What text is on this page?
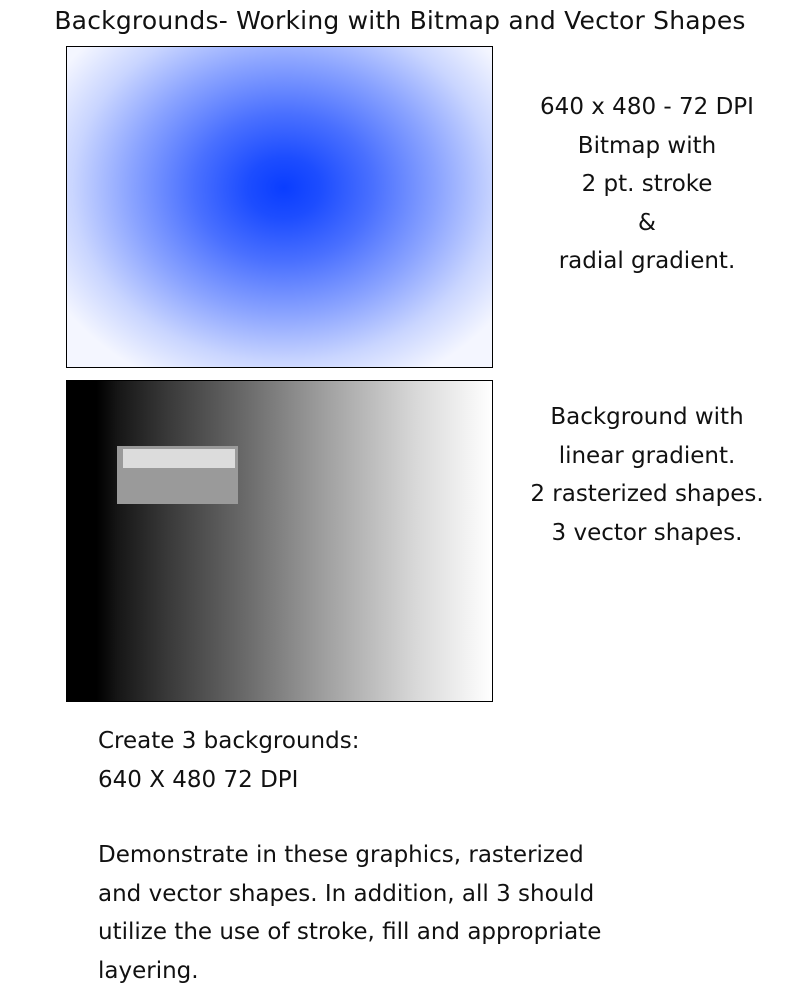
Backgrounds- Working with Bitmap and Vector Shapes
640 x 480 - 72 DPI
Bitmap with
2 pt. stroke
&
radial gradient.
Background with
linear gradient.
2 rasterized shapes.
3 vector shapes.
Create 3 backgrounds:
640 X 480 72 DPI
Demonstrate in these graphics, rasterized
and vector shapes. In addition, all 3 should
utilize the use of stroke, fill and appropriate
layering.
